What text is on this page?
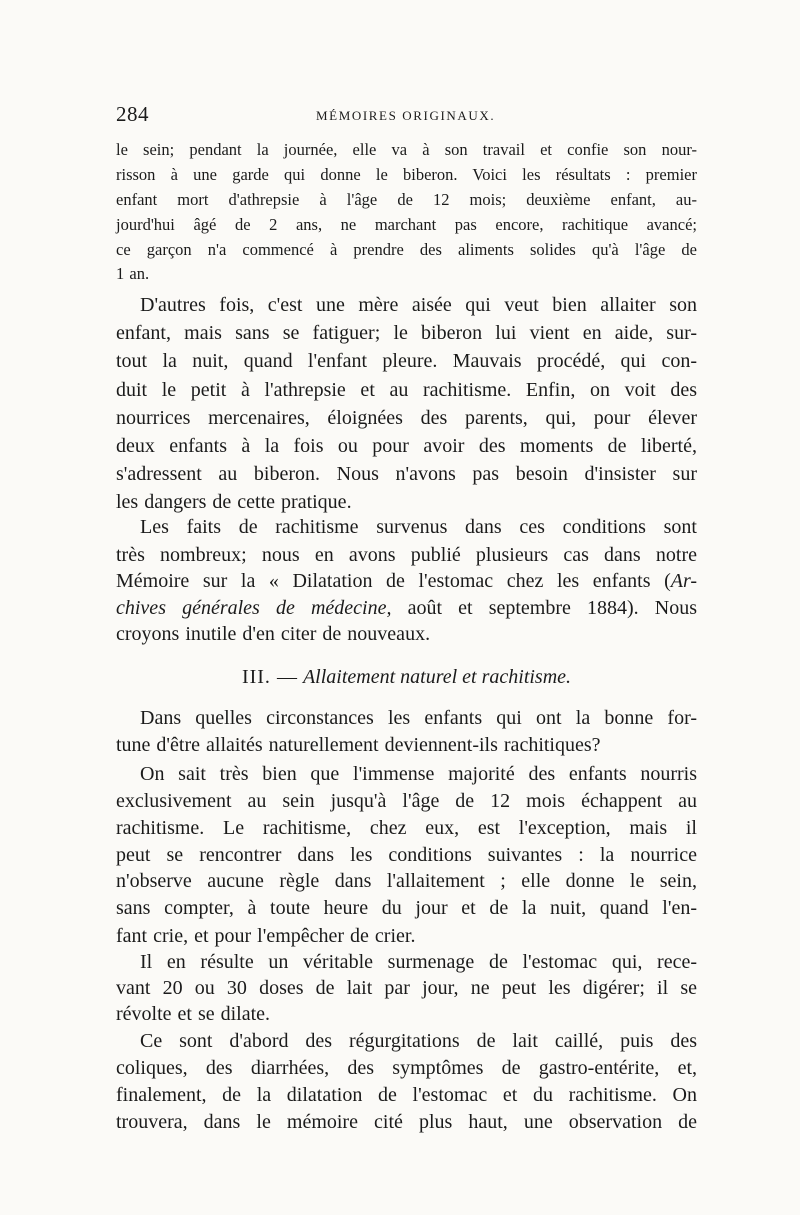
284	MÉMOIRES ORIGINAUX.
le sein; pendant la journée, elle va à son travail et confie son nour-
risson à une garde qui donne le biberon. Voici les résultats : premier
enfant mort d'athrepsie à l'âge de 12 mois; deuxième enfant, au-
jourd'hui âgé de 2 ans, ne marchant pas encore, rachitique avancé;
ce garçon n'a commencé à prendre des aliments solides qu'à l'âge de
1 an.
D'autres fois, c'est une mère aisée qui veut bien allaiter son
enfant, mais sans se fatiguer; le biberon lui vient en aide, sur-
tout la nuit, quand l'enfant pleure. Mauvais procédé, qui con-
duit le petit à l'athrepsie et au rachitisme. Enfin, on voit des
nourrices mercenaires, éloignées des parents, qui, pour élever
deux enfants à la fois ou pour avoir des moments de liberté,
s'adressent au biberon. Nous n'avons pas besoin d'insister sur
les dangers de cette pratique.
Les faits de rachitisme survenus dans ces conditions sont
très nombreux; nous en avons publié plusieurs cas dans notre
Mémoire sur la « Dilatation de l'estomac chez les enfants (Ar-
chives générales de médecine, août et septembre 1884). Nous
croyons inutile d'en citer de nouveaux.
III. — Allaitement naturel et rachitisme.
Dans quelles circonstances les enfants qui ont la bonne for-
tune d'être allaités naturellement deviennent-ils rachitiques?
On sait très bien que l'immense majorité des enfants nourris
exclusivement au sein jusqu'à l'âge de 12 mois échappent au
rachitisme. Le rachitisme, chez eux, est l'exception, mais il
peut se rencontrer dans les conditions suivantes : la nourrice
n'observe aucune règle dans l'allaitement ; elle donne le sein,
sans compter, à toute heure du jour et de la nuit, quand l'en-
fant crie, et pour l'empêcher de crier.
Il en résulte un véritable surmenage de l'estomac qui, rece-
vant 20 ou 30 doses de lait par jour, ne peut les digérer; il se
révolte et se dilate.
Ce sont d'abord des régurgitations de lait caillé, puis des
coliques, des diarrhées, des symptômes de gastro-entérite, et,
finalement, de la dilatation de l'estomac et du rachitisme. On
trouvera, dans le mémoire cité plus haut, une observation de
